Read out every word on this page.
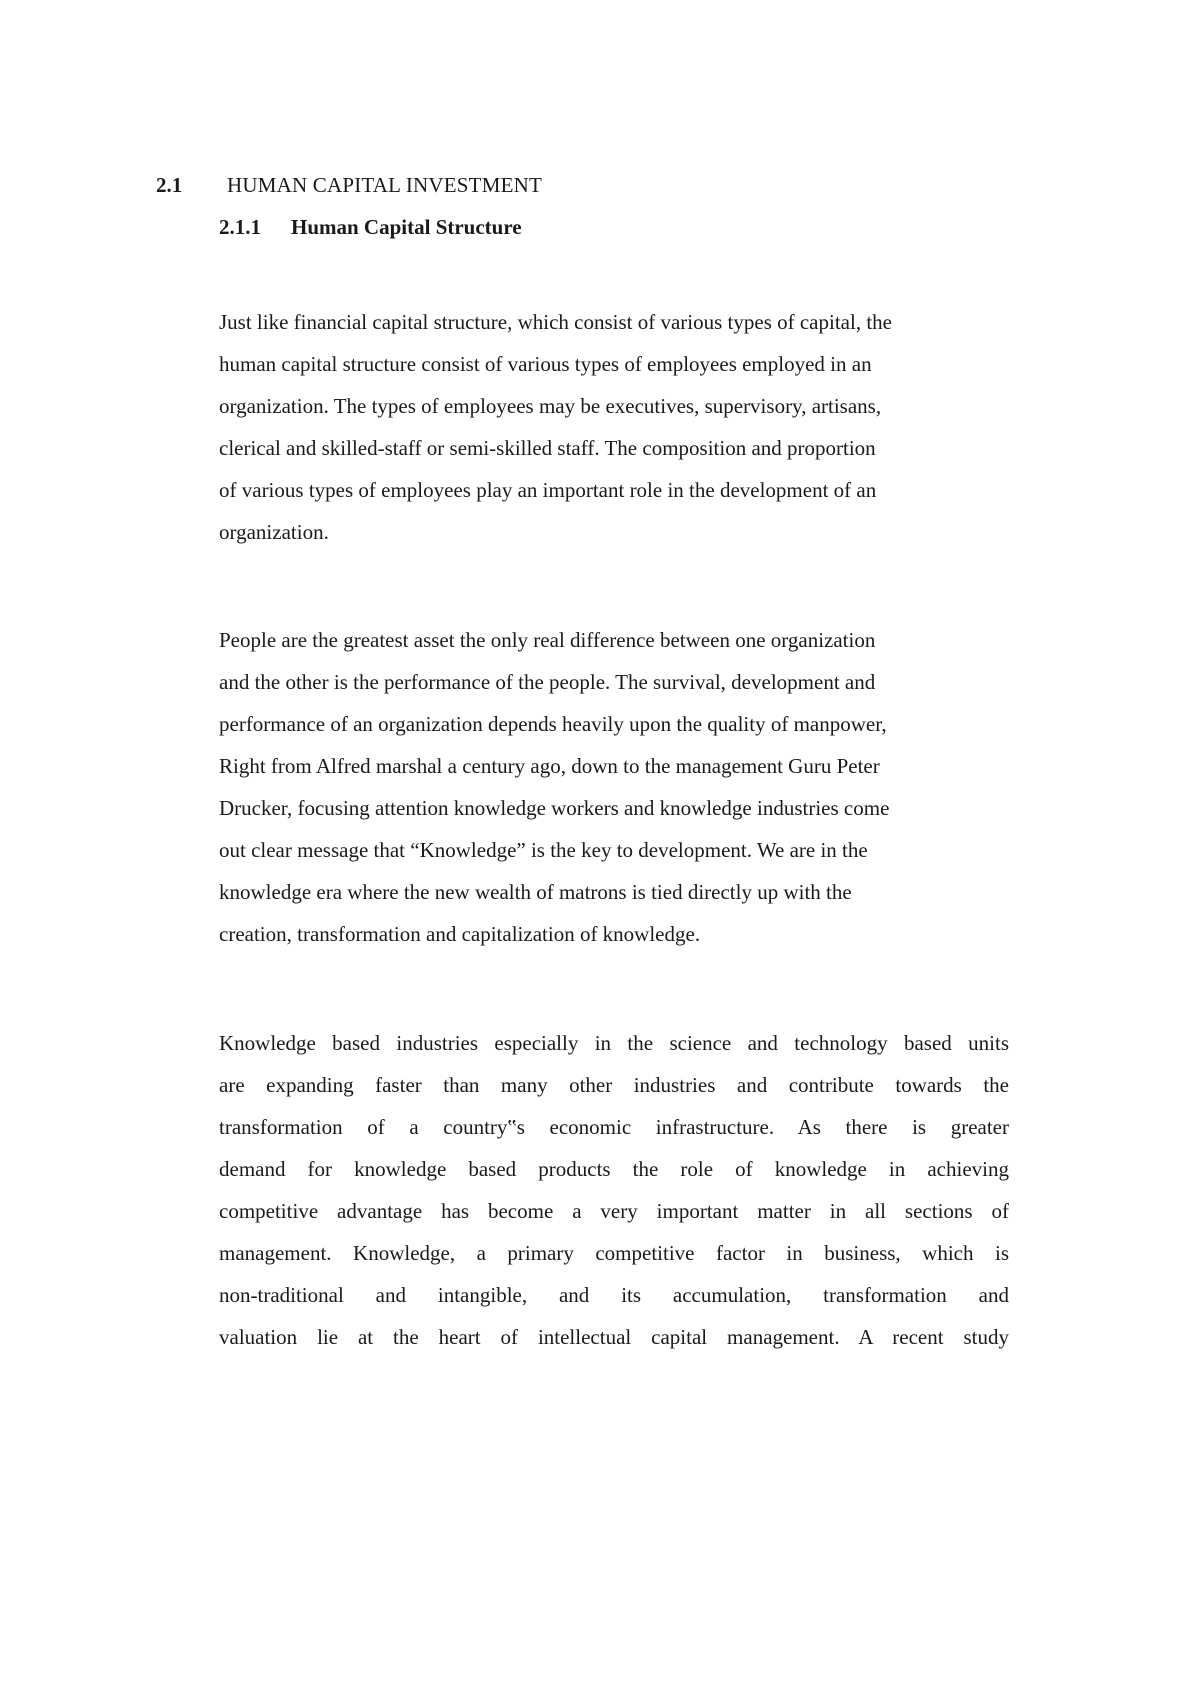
2.1 HUMAN CAPITAL INVESTMENT
2.1.1 Human Capital Structure

Just like financial capital structure, which consist of various types of capital, the
human capital structure consist of various types of employees employed in an
organization. The types of employees may be executives, supervisory, artisans,
clerical and skilled-staff or semi-skilled staff. The composition and proportion
of various types of employees play an important role in the development of an
organization.

People are the greatest asset the only real difference between one organization
and the other is the performance of the people. The survival, development and
performance of an organization depends heavily upon the quality of manpower,
Right from Alfred marshal a century ago, down to the management Guru Peter
Drucker, focusing attention knowledge workers and knowledge industries come
out clear message that “Knowledge” is the key to development. We are in the
knowledge era where the new wealth of matrons is tied directly up with the
creation, transformation and capitalization of knowledge.

Knowledge based industries especially in the science and technology based units
are expanding faster than many other industries and contribute towards the
transformation of a country‟s economic infrastructure. As there is greater
demand for knowledge based products the role of knowledge in achieving
competitive advantage has become a very important matter in all sections of
management. Knowledge, a primary competitive factor in business, which is
non-traditional and intangible, and its accumulation, transformation and
valuation lie at the heart of intellectual capital management. A recent study
